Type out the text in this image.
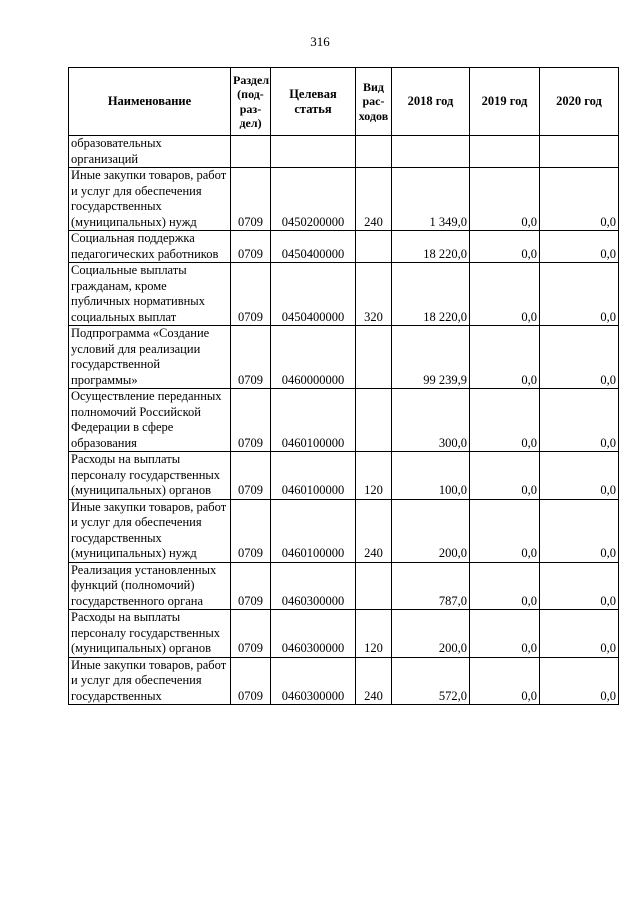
316
Наименование	Раздел (под-раз-дел)	Целевая статья	Вид рас-ходов	2018 год	2019 год	2020 год
образовательных организаций						
Иные закупки товаров, работ и услуг для обеспечения государственных (муниципальных) нужд	0709	0450200000	240	1 349,0	0,0	0,0
Социальная поддержка педагогических работников	0709	0450400000		18 220,0	0,0	0,0
Социальные выплаты гражданам, кроме публичных нормативных социальных выплат	0709	0450400000	320	18 220,0	0,0	0,0
Подпрограмма «Создание условий для реализации государственной программы»	0709	0460000000		99 239,9	0,0	0,0
Осуществление переданных полномочий Российской Федерации в сфере образования	0709	0460100000		300,0	0,0	0,0
Расходы на выплаты персоналу государственных (муниципальных) органов	0709	0460100000	120	100,0	0,0	0,0
Иные закупки товаров, работ и услуг для обеспечения государственных (муниципальных) нужд	0709	0460100000	240	200,0	0,0	0,0
Реализация установленных функций (полномочий) государственного органа	0709	0460300000		787,0	0,0	0,0
Расходы на выплаты персоналу государственных (муниципальных) органов	0709	0460300000	120	200,0	0,0	0,0
Иные закупки товаров, работ и услуг для обеспечения государственных	0709	0460300000	240	572,0	0,0	0,0
